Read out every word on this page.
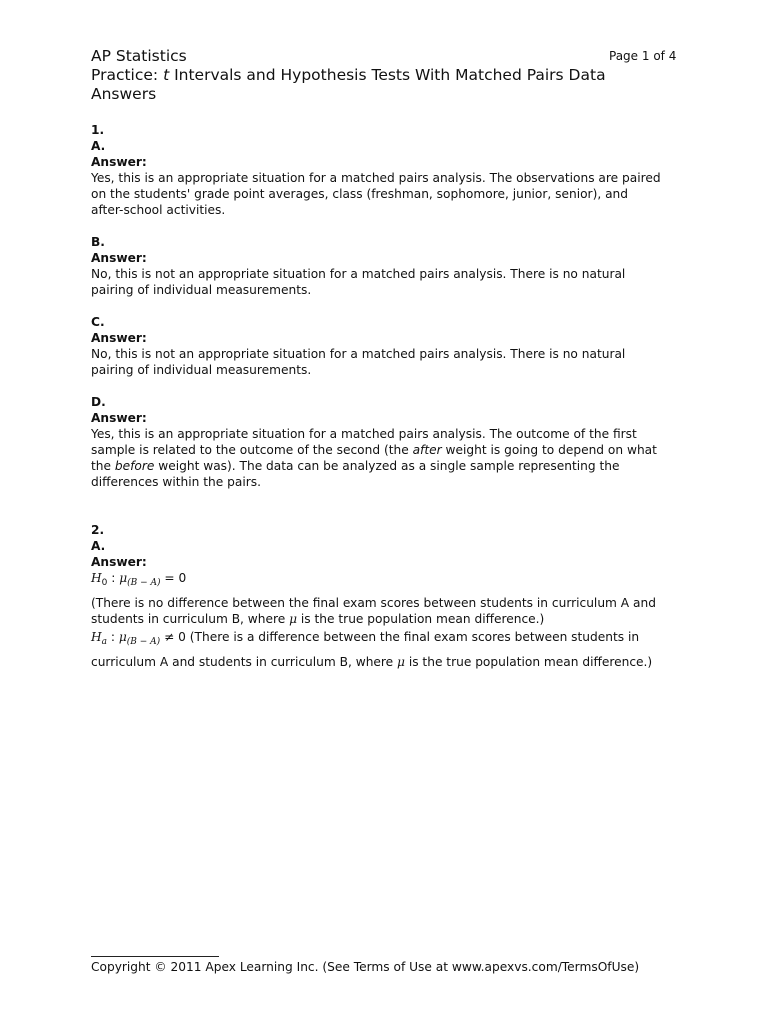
AP Statistics	Page 1 of 4
Practice: t Intervals and Hypothesis Tests With Matched Pairs Data
Answers
1.
A.
Answer:

Yes, this is an appropriate situation for a matched pairs analysis. The observations are paired on the students' grade point averages, class (freshman, sophomore, junior, senior), and after-school activities.

B.
Answer:

No, this is not an appropriate situation for a matched pairs analysis. There is no natural pairing of individual measurements.

C.
Answer:

No, this is not an appropriate situation for a matched pairs analysis. There is no natural pairing of individual measurements.

D.
Answer:

Yes, this is an appropriate situation for a matched pairs analysis. The outcome of the first sample is related to the outcome of the second (the after weight is going to depend on what the before weight was). The data can be analyzed as a single sample representing the differences within the pairs.

2.
A.
Answer:
$H_0$ : $\mu_{(B - A)} = 0$

(There is no difference between the final exam scores between students in curriculum A and students in curriculum B, where μ is the true population mean difference.)

$H_a$ : $\mu_{(B - A)} \ne 0$ (There is a difference between the final exam scores between students in curriculum A and students in curriculum B, where μ is the true population mean difference.)

Copyright © 2011 Apex Learning Inc. (See Terms of Use at www.apexvs.com/TermsOfUse)
